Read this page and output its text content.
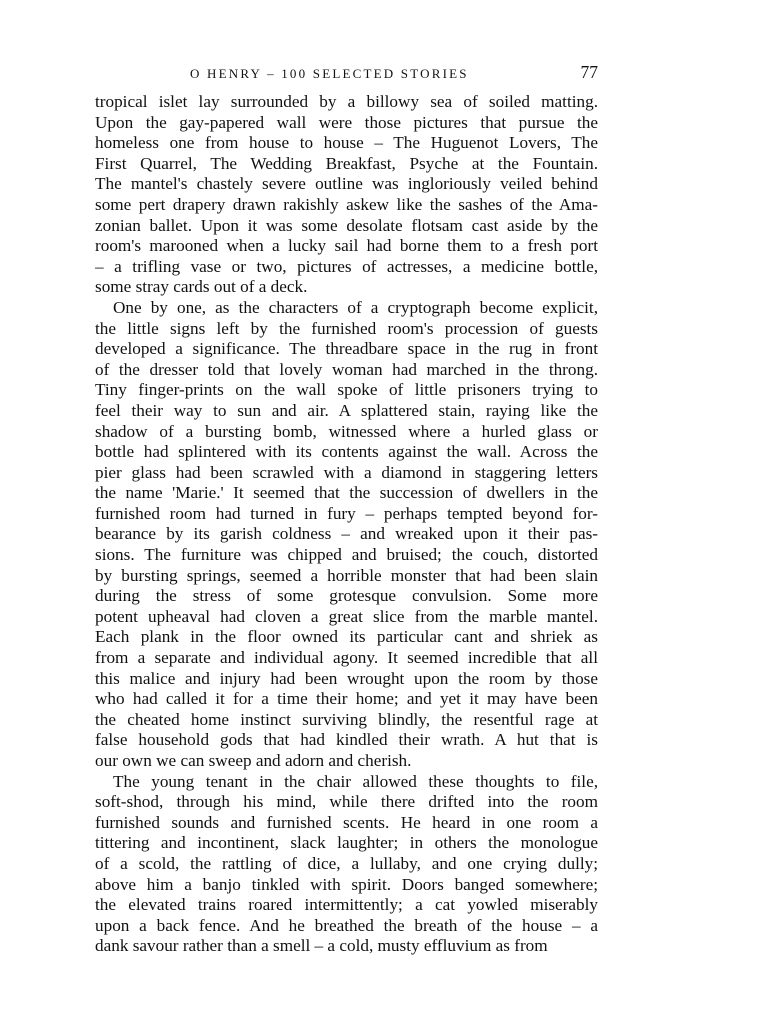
O HENRY – 100 SELECTED STORIES	77
tropical islet lay surrounded by a billowy sea of soiled matting.
Upon the gay-papered wall were those pictures that pursue the
homeless one from house to house – The Huguenot Lovers, The
First Quarrel, The Wedding Breakfast, Psyche at the Fountain.
The mantel's chastely severe outline was ingloriously veiled behind
some pert drapery drawn rakishly askew like the sashes of the Ama-
zonian ballet. Upon it was some desolate flotsam cast aside by the
room's marooned when a lucky sail had borne them to a fresh port
– a trifling vase or two, pictures of actresses, a medicine bottle,
some stray cards out of a deck.
One by one, as the characters of a cryptograph become explicit,
the little signs left by the furnished room's procession of guests
developed a significance. The threadbare space in the rug in front
of the dresser told that lovely woman had marched in the throng.
Tiny finger-prints on the wall spoke of little prisoners trying to
feel their way to sun and air. A splattered stain, raying like the
shadow of a bursting bomb, witnessed where a hurled glass or
bottle had splintered with its contents against the wall. Across the
pier glass had been scrawled with a diamond in staggering letters
the name 'Marie.' It seemed that the succession of dwellers in the
furnished room had turned in fury – perhaps tempted beyond for-
bearance by its garish coldness – and wreaked upon it their pas-
sions. The furniture was chipped and bruised; the couch, distorted
by bursting springs, seemed a horrible monster that had been slain
during the stress of some grotesque convulsion. Some more
potent upheaval had cloven a great slice from the marble mantel.
Each plank in the floor owned its particular cant and shriek as
from a separate and individual agony. It seemed incredible that all
this malice and injury had been wrought upon the room by those
who had called it for a time their home; and yet it may have been
the cheated home instinct surviving blindly, the resentful rage at
false household gods that had kindled their wrath. A hut that is
our own we can sweep and adorn and cherish.
The young tenant in the chair allowed these thoughts to file,
soft-shod, through his mind, while there drifted into the room
furnished sounds and furnished scents. He heard in one room a
tittering and incontinent, slack laughter; in others the monologue
of a scold, the rattling of dice, a lullaby, and one crying dully;
above him a banjo tinkled with spirit. Doors banged somewhere;
the elevated trains roared intermittently; a cat yowled miserably
upon a back fence. And he breathed the breath of the house – a
dank savour rather than a smell – a cold, musty effluvium as from
